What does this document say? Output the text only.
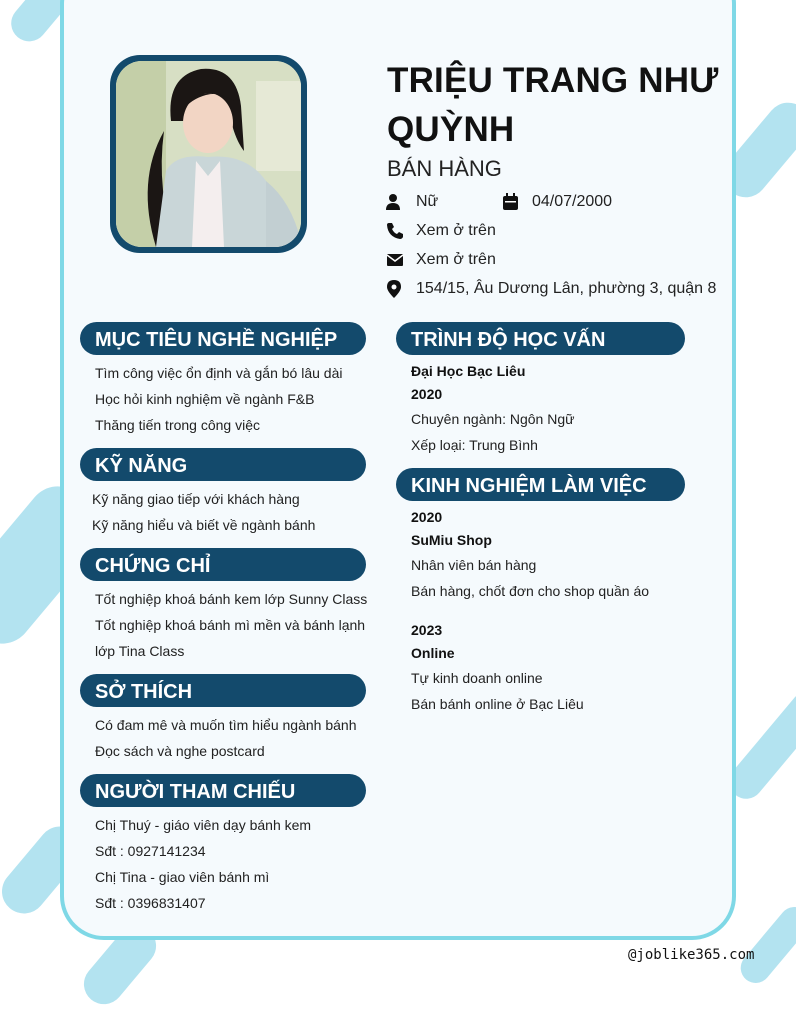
TRIỆU TRANG NHƯ QUỲNH
BÁN HÀNG
Nữ	04/07/2000
Xem ở trên
Xem ở trên
154/15, Âu Dương Lân, phường 3, quận 8
MỤC TIÊU NGHỀ NGHIỆP
Tìm công việc ổn định và gắn bó lâu dài
Học hỏi kinh nghiệm về ngành F&B
Thăng tiến trong công việc
KỸ NĂNG
Kỹ năng giao tiếp với khách hàng
Kỹ năng hiểu và biết về ngành bánh
CHỨNG CHỈ
Tốt nghiệp khoá bánh kem lớp Sunny Class
Tốt nghiệp khoá bánh mì mền và bánh lạnh
lớp Tina Class
SỞ THÍCH
Có đam mê và muốn tìm hiểu ngành bánh
Đọc sách và nghe postcard
NGƯỜI THAM CHIẾU
Chị Thuý - giáo viên dạy bánh kem
Sđt : 0927141234
Chị Tina - giao viên bánh mì
Sđt : 0396831407
TRÌNH ĐỘ HỌC VẤN
Đại Học Bạc Liêu
2020
Chuyên ngành: Ngôn Ngữ
Xếp loại: Trung Bình
KINH NGHIỆM LÀM VIỆC
2020
SuMiu Shop
Nhân viên bán hàng
Bán hàng, chốt đơn cho shop quần áo
2023
Online
Tự kinh doanh online
Bán bánh online ở Bạc Liêu
@joblike365.com
